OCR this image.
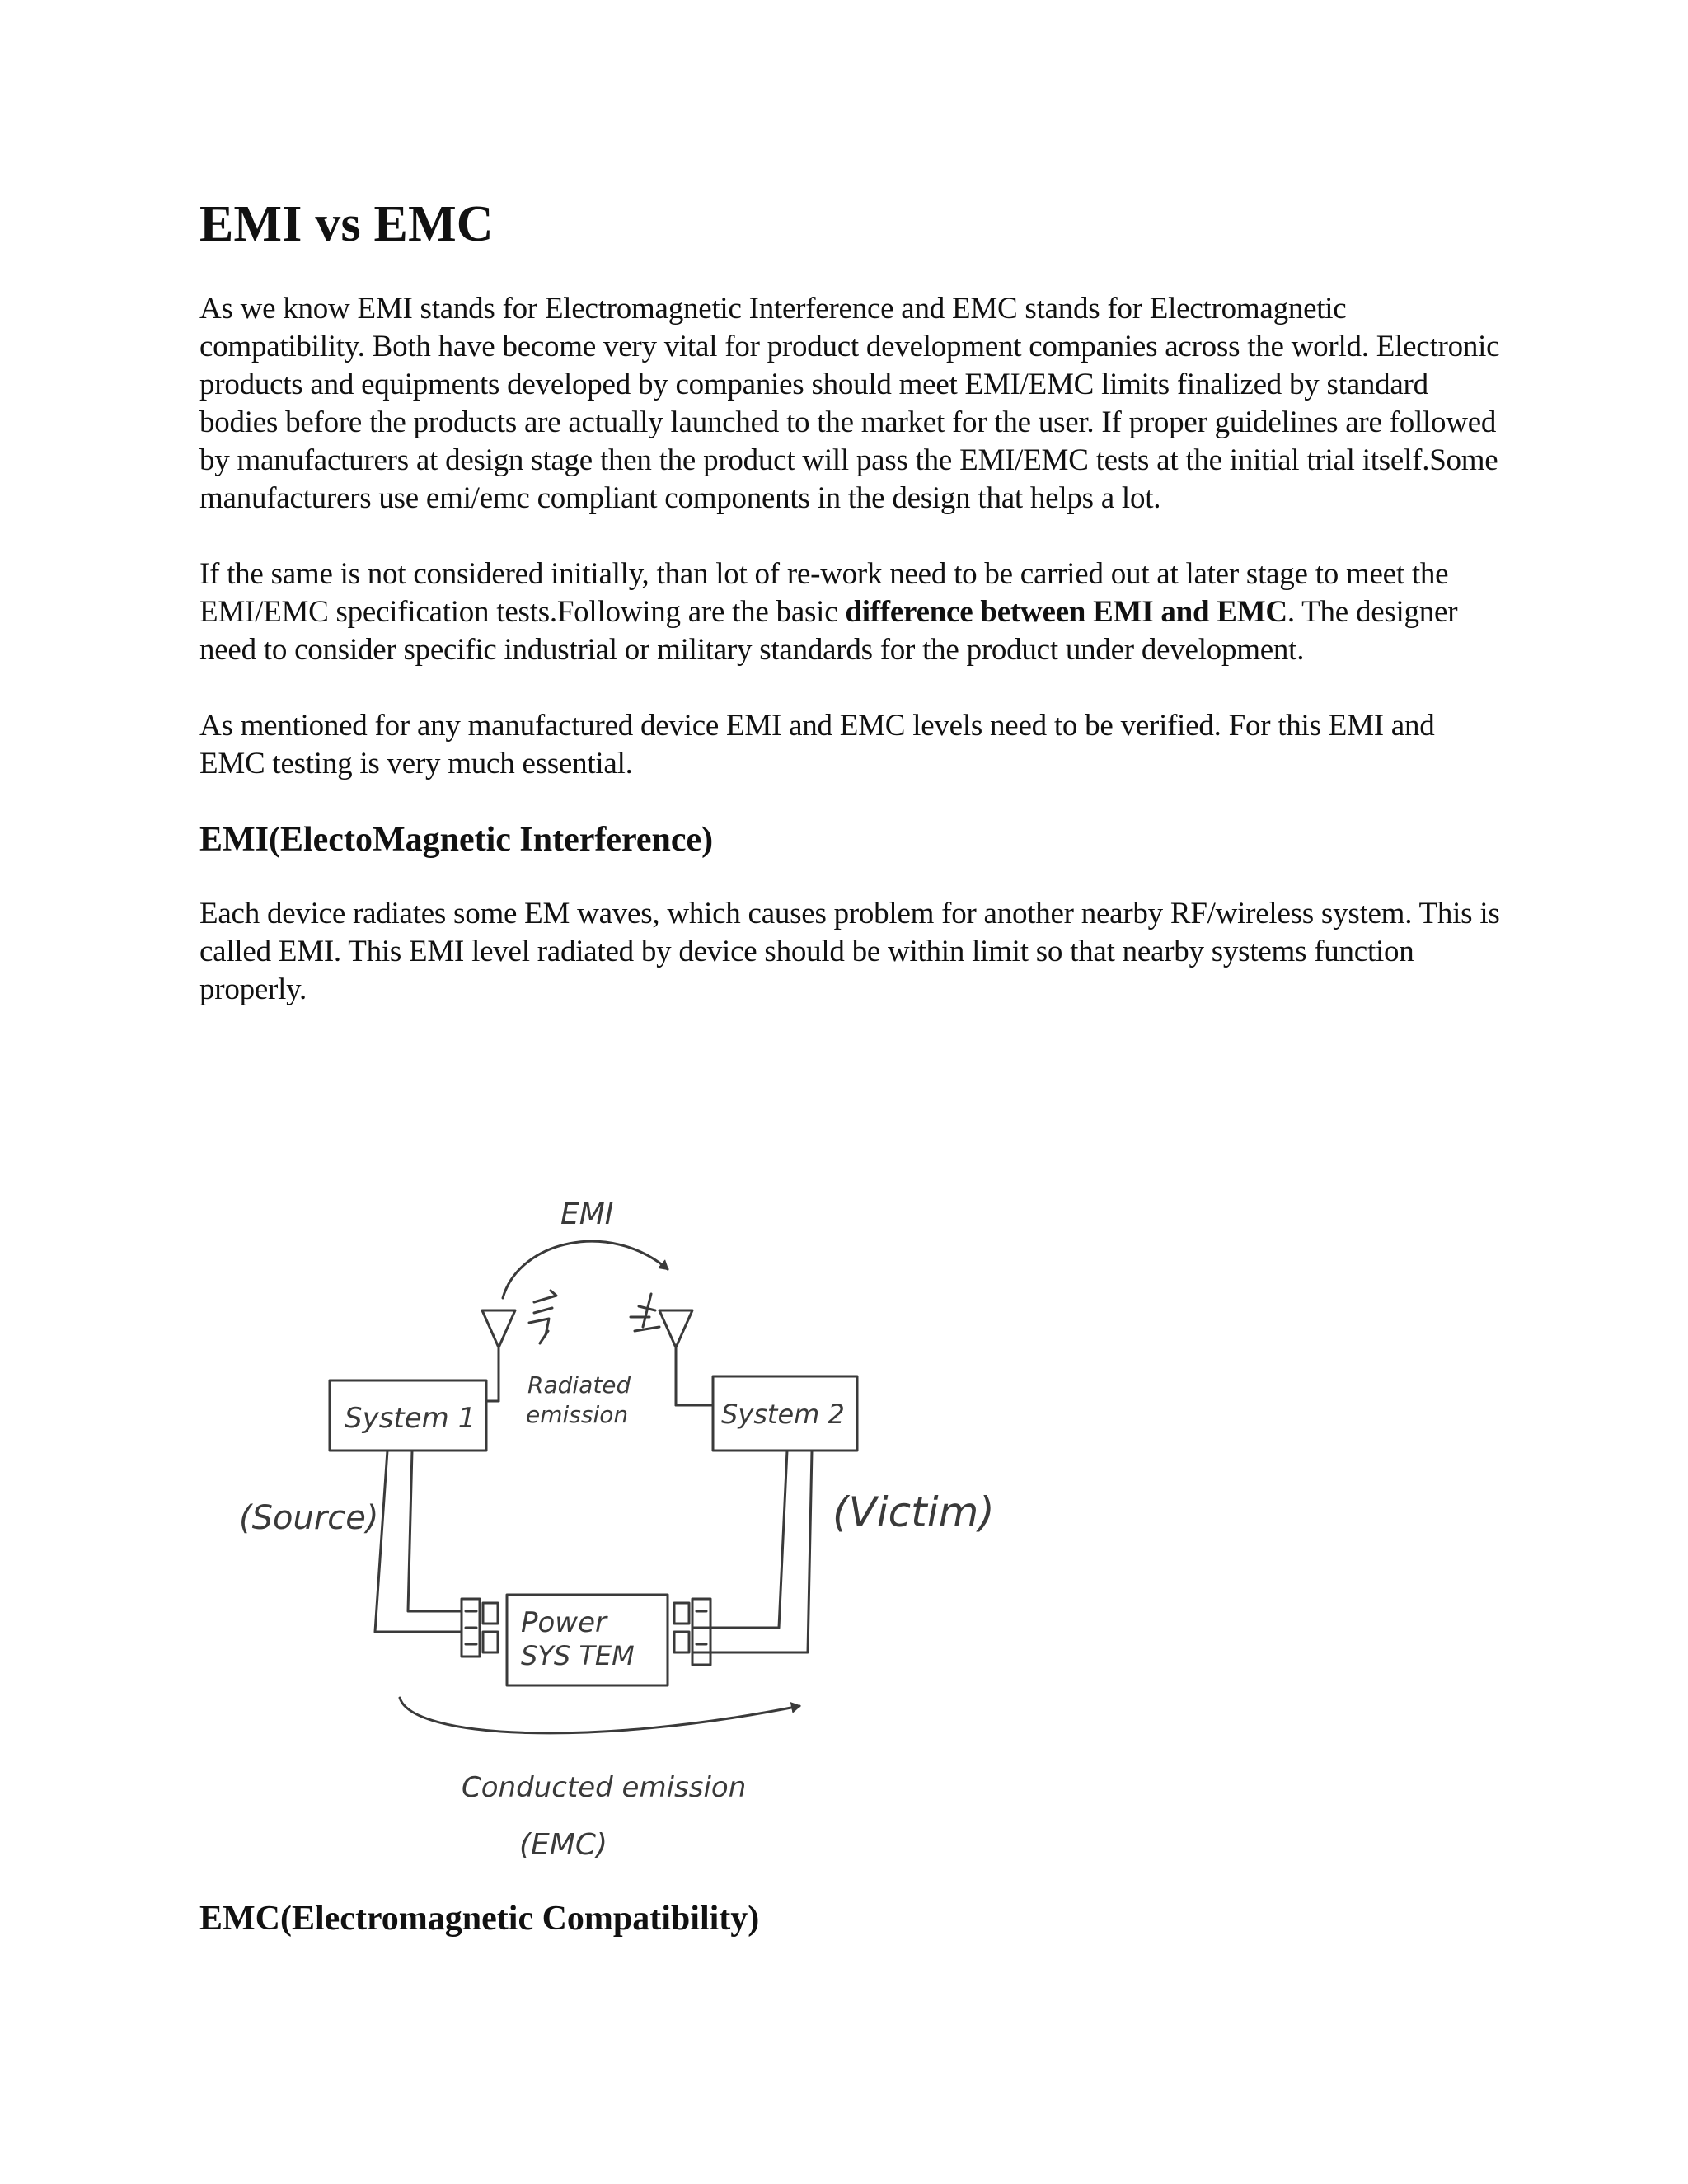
EMI vs EMC

As we know EMI stands for Electromagnetic Interference and EMC stands for Electromagnetic compatibility. Both have become very vital for product development companies across the world. Electronic products and equipments developed by companies should meet EMI/EMC limits finalized by standard bodies before the products are actually launched to the market for the user. If proper guidelines are followed by manufacturers at design stage then the product will pass the EMI/EMC tests at the initial trial itself.Some manufacturers use emi/emc compliant components in the design that helps a lot.

If the same is not considered initially, than lot of re-work need to be carried out at later stage to meet the EMI/EMC specification tests.Following are the basic difference between EMI and EMC. The designer need to consider specific industrial or military standards for the product under development.

As mentioned for any manufactured device EMI and EMC levels need to be verified. For this EMI and EMC testing is very much essential.

EMI(ElectoMagnetic Interference)

Each device radiates some EM waves, which causes problem for another nearby RF/wireless system. This is called EMI. This EMI level radiated by device should be within limit so that nearby systems function properly.

EMI
Radiated
emission
System 1	System 2
(Source)	(Victim)
Power
SYS TEM
Conducted emission
(EMC)
EMC(Electromagnetic Compatibility)
